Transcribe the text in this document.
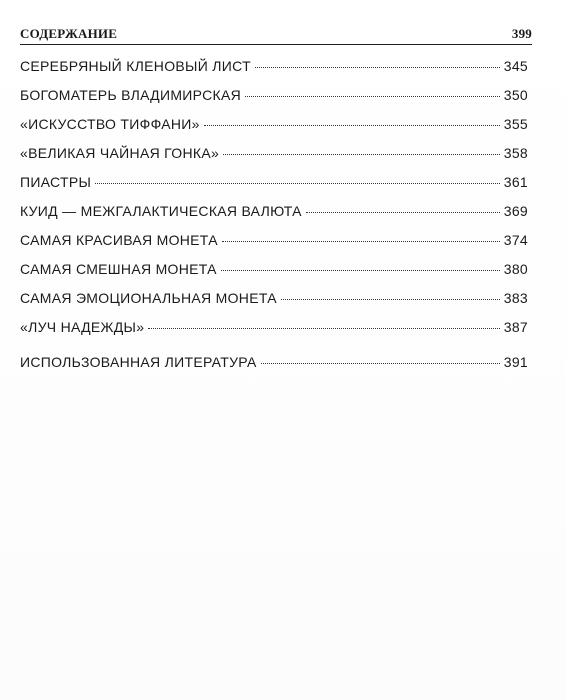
СОДЕРЖАНИЕ	399
СЕРЕБРЯНЫЙ КЛЕНОВЫЙ ЛИСТ	345
БОГОМАТЕРЬ ВЛАДИМИРСКАЯ	350
«ИСКУССТВО ТИФФАНИ»	355
«ВЕЛИКАЯ ЧАЙНАЯ ГОНКА»	358
ПИАСТРЫ	361
КУИД — МЕЖГАЛАКТИЧЕСКАЯ ВАЛЮТА	369
САМАЯ КРАСИВАЯ МОНЕТА	374
САМАЯ СМЕШНАЯ МОНЕТА	380
САМАЯ ЭМОЦИОНАЛЬНАЯ МОНЕТА	383
«ЛУЧ НАДЕЖДЫ»	387
ИСПОЛЬЗОВАННАЯ ЛИТЕРАТУРА	391
